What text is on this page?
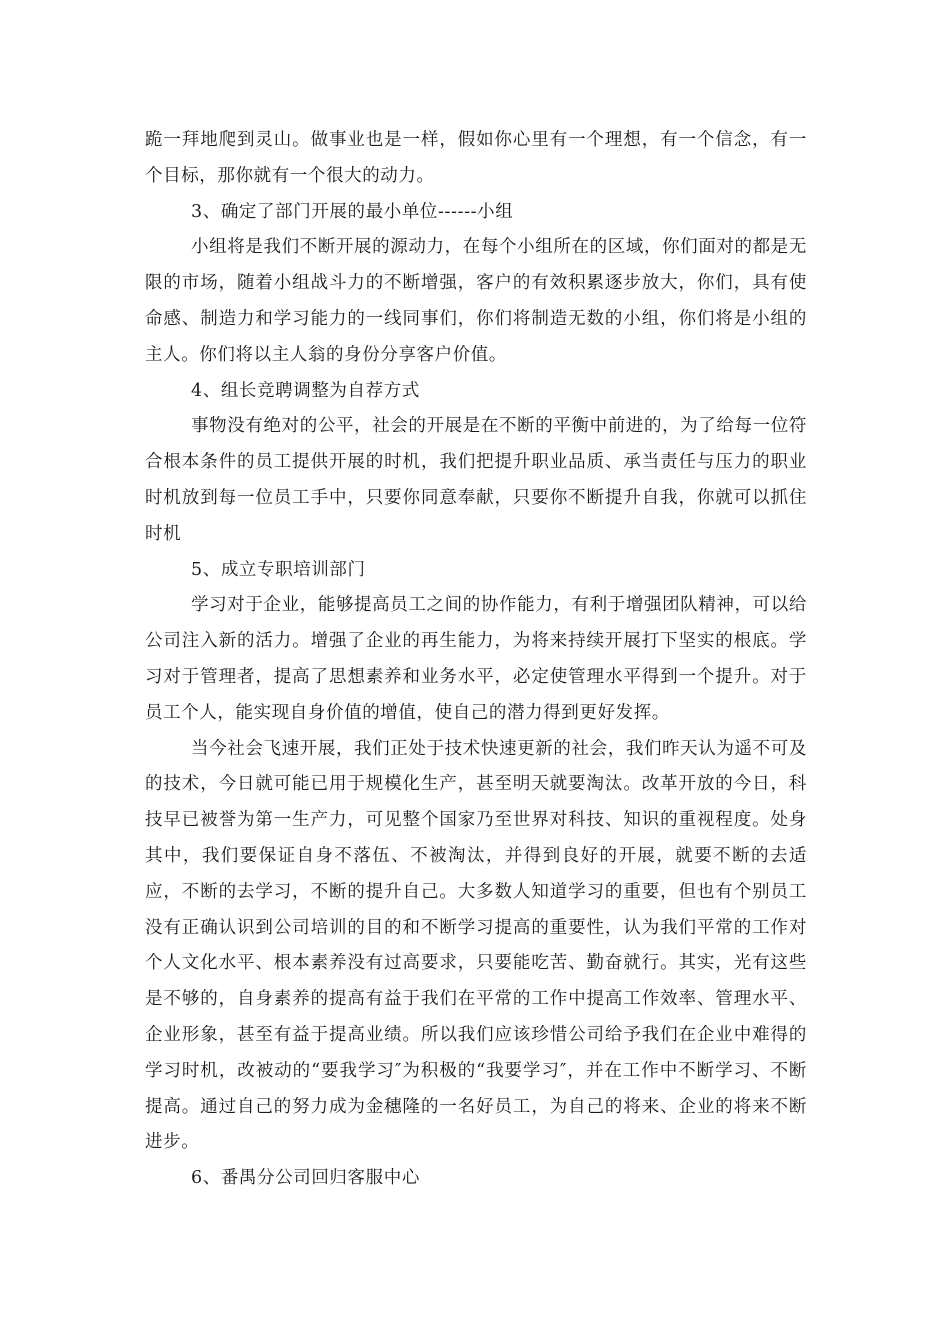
跪一拜地爬到灵山。做事业也是一样，假如你心里有一个理想，有一个信念，有一个目标，那你就有一个很大的动力。

3、确定了部门开展的最小单位------小组

小组将是我们不断开展的源动力，在每个小组所在的区域，你们面对的都是无限的市场，随着小组战斗力的不断增强，客户的有效积累逐步放大，你们，具有使命感、制造力和学习能力的一线同事们，你们将制造无数的小组，你们将是小组的主人。你们将以主人翁的身份分享客户价值。

4、组长竞聘调整为自荐方式

事物没有绝对的公平，社会的开展是在不断的平衡中前进的，为了给每一位符合根本条件的员工提供开展的时机，我们把提升职业品质、承当责任与压力的职业时机放到每一位员工手中，只要你同意奉献，只要你不断提升自我，你就可以抓住时机

5、成立专职培训部门

学习对于企业，能够提高员工之间的协作能力，有利于增强团队精神，可以给公司注入新的活力。增强了企业的再生能力，为将来持续开展打下坚实的根底。学习对于管理者，提高了思想素养和业务水平，必定使管理水平得到一个提升。对于员工个人，能实现自身价值的增值，使自己的潜力得到更好发挥。

当今社会飞速开展，我们正处于技术快速更新的社会，我们昨天认为遥不可及的技术，今日就可能已用于规模化生产，甚至明天就要淘汰。改革开放的今日，科技早已被誉为第一生产力，可见整个国家乃至世界对科技、知识的重视程度。处身其中，我们要保证自身不落伍、不被淘汰，并得到良好的开展，就要不断的去适应，不断的去学习，不断的提升自己。大多数人知道学习的重要，但也有个别员工没有正确认识到公司培训的目的和不断学习提高的重要性，认为我们平常的工作对个人文化水平、根本素养没有过高要求，只要能吃苦、勤奋就行。其实，光有这些是不够的，自身素养的提高有益于我们在平常的工作中提高工作效率、管理水平、企业形象，甚至有益于提高业绩。所以我们应该珍惜公司给予我们在企业中难得的学习时机，改被动的“要我学习″为积极的“我要学习″，并在工作中不断学习、不断提高。通过自己的努力成为金穗隆的一名好员工，为自己的将来、企业的将来不断进步。

6、番禺分公司回归客服中心
